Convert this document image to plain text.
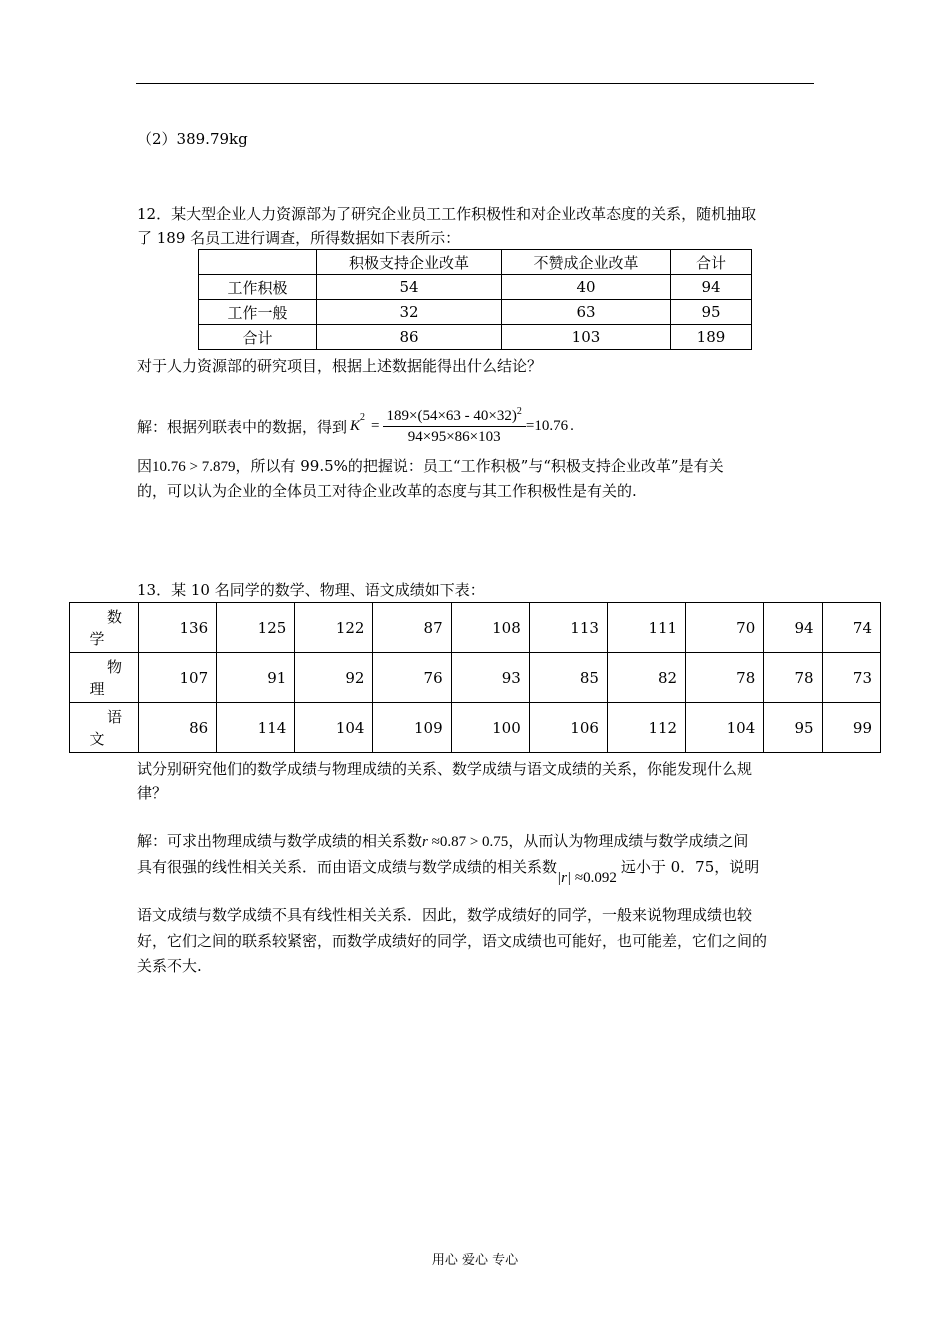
（2）389.79kg
12．某大型企业人力资源部为了研究企业员工工作积极性和对企业改革态度的关系，随机抽取
了 189 名员工进行调查，所得数据如下表所示：
	积极支持企业改革	不赞成企业改革	合计
工作积极	54	40	94
工作一般	32	63	95
合计	86	103	189
对于人力资源部的研究项目，根据上述数据能得出什么结论？
解：根据列联表中的数据，得到 $K^2 = \frac{189\times(54\times 63 - 40\times 32)^2}{94\times 95\times 86\times 103} =10.76$ .
因10.76 > 7.879，所以有 99.5%的把握说：员工“工作积极”与“积极支持企业改革”是有关
的，可以认为企业的全体员工对待企业改革的态度与其工作积极性是有关的.
13．某 10 名同学的数学、物理、语文成绩如下表：
数
学	136	125	122	87	108	113	111	70	94	74

物
理	107	91	92	76	93	85	82	78	78	73

语
文	86	114	104	109	100	106	112	104	95	99
试分别研究他们的数学成绩与物理成绩的关系、数学成绩与语文成绩的关系，你能发现什么规
律？
解：可求出物理成绩与数学成绩的相关系数r ≈0.87 > 0.75，从而认为物理成绩与数学成绩之间
具有很强的线性相关关系．而由语文成绩与数学成绩的相关系数|r| ≈0.092远小于 0．75，说明
语文成绩与数学成绩不具有线性相关关系．因此，数学成绩好的同学，一般来说物理成绩也较
好，它们之间的联系较紧密，而数学成绩好的同学，语文成绩也可能好，也可能差，它们之间的
关系不大.
用心 爱心 专心
